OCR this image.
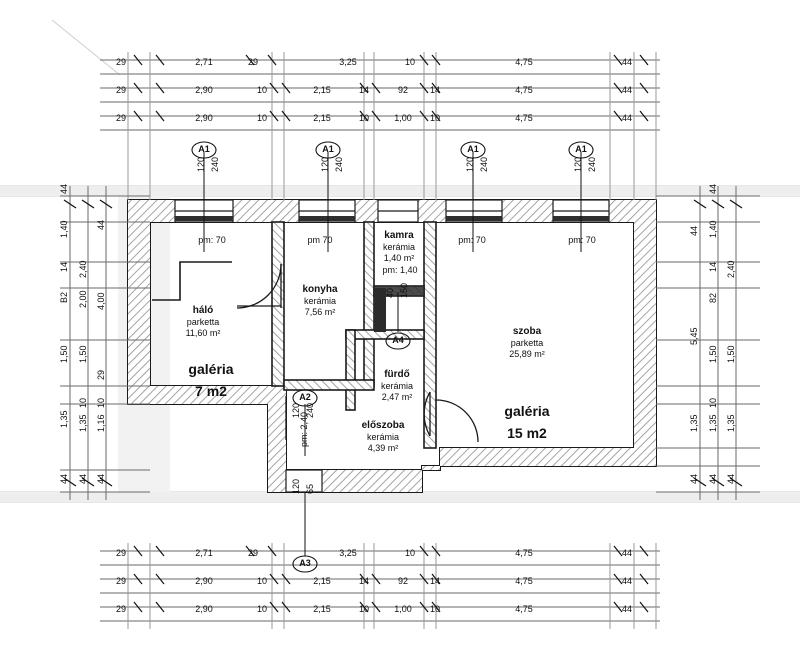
29	2,71	29	3,25	10	4,75	44
29	2,90	10	2,15	14	92 14	4,75	44
29	2,90	10	2,15	10	1,00 10	4,75	44
29	2,71	29	3,25	10	4,75	44
29	2,90	10	2,15	14	92 14	4,75	44
29	2,90	10	2,15	10	1,00 10	4,75	44
A1	A1	A1	A1
A2
A3
A4
120 240	120 240	120 240	120 240
120 240
40 150
120 65
pm: 70	pm 70	pm: 70	pm: 70
pm: 1,40
pm: 2,40
háló
parketta
11,60 m²
konyha
kerámia
7,56 m²
kamra
kerámia
1,40 m²
fürdő
kerámia
2,47 m²
előszoba
kerámia
4,39 m²
szoba
parketta
25,89 m²
galéria
7 m2
galéria
15 m2
44
44
1,40
14
B2
2,40
2,00 4,00
1,50 1,50
29
1,35
10
1,35
10
1,16
44 44 44
44
44 1,40
14
82
2,40
5,45
1,50 1,50
10
1,35 1,35 1,35
44 44 44
